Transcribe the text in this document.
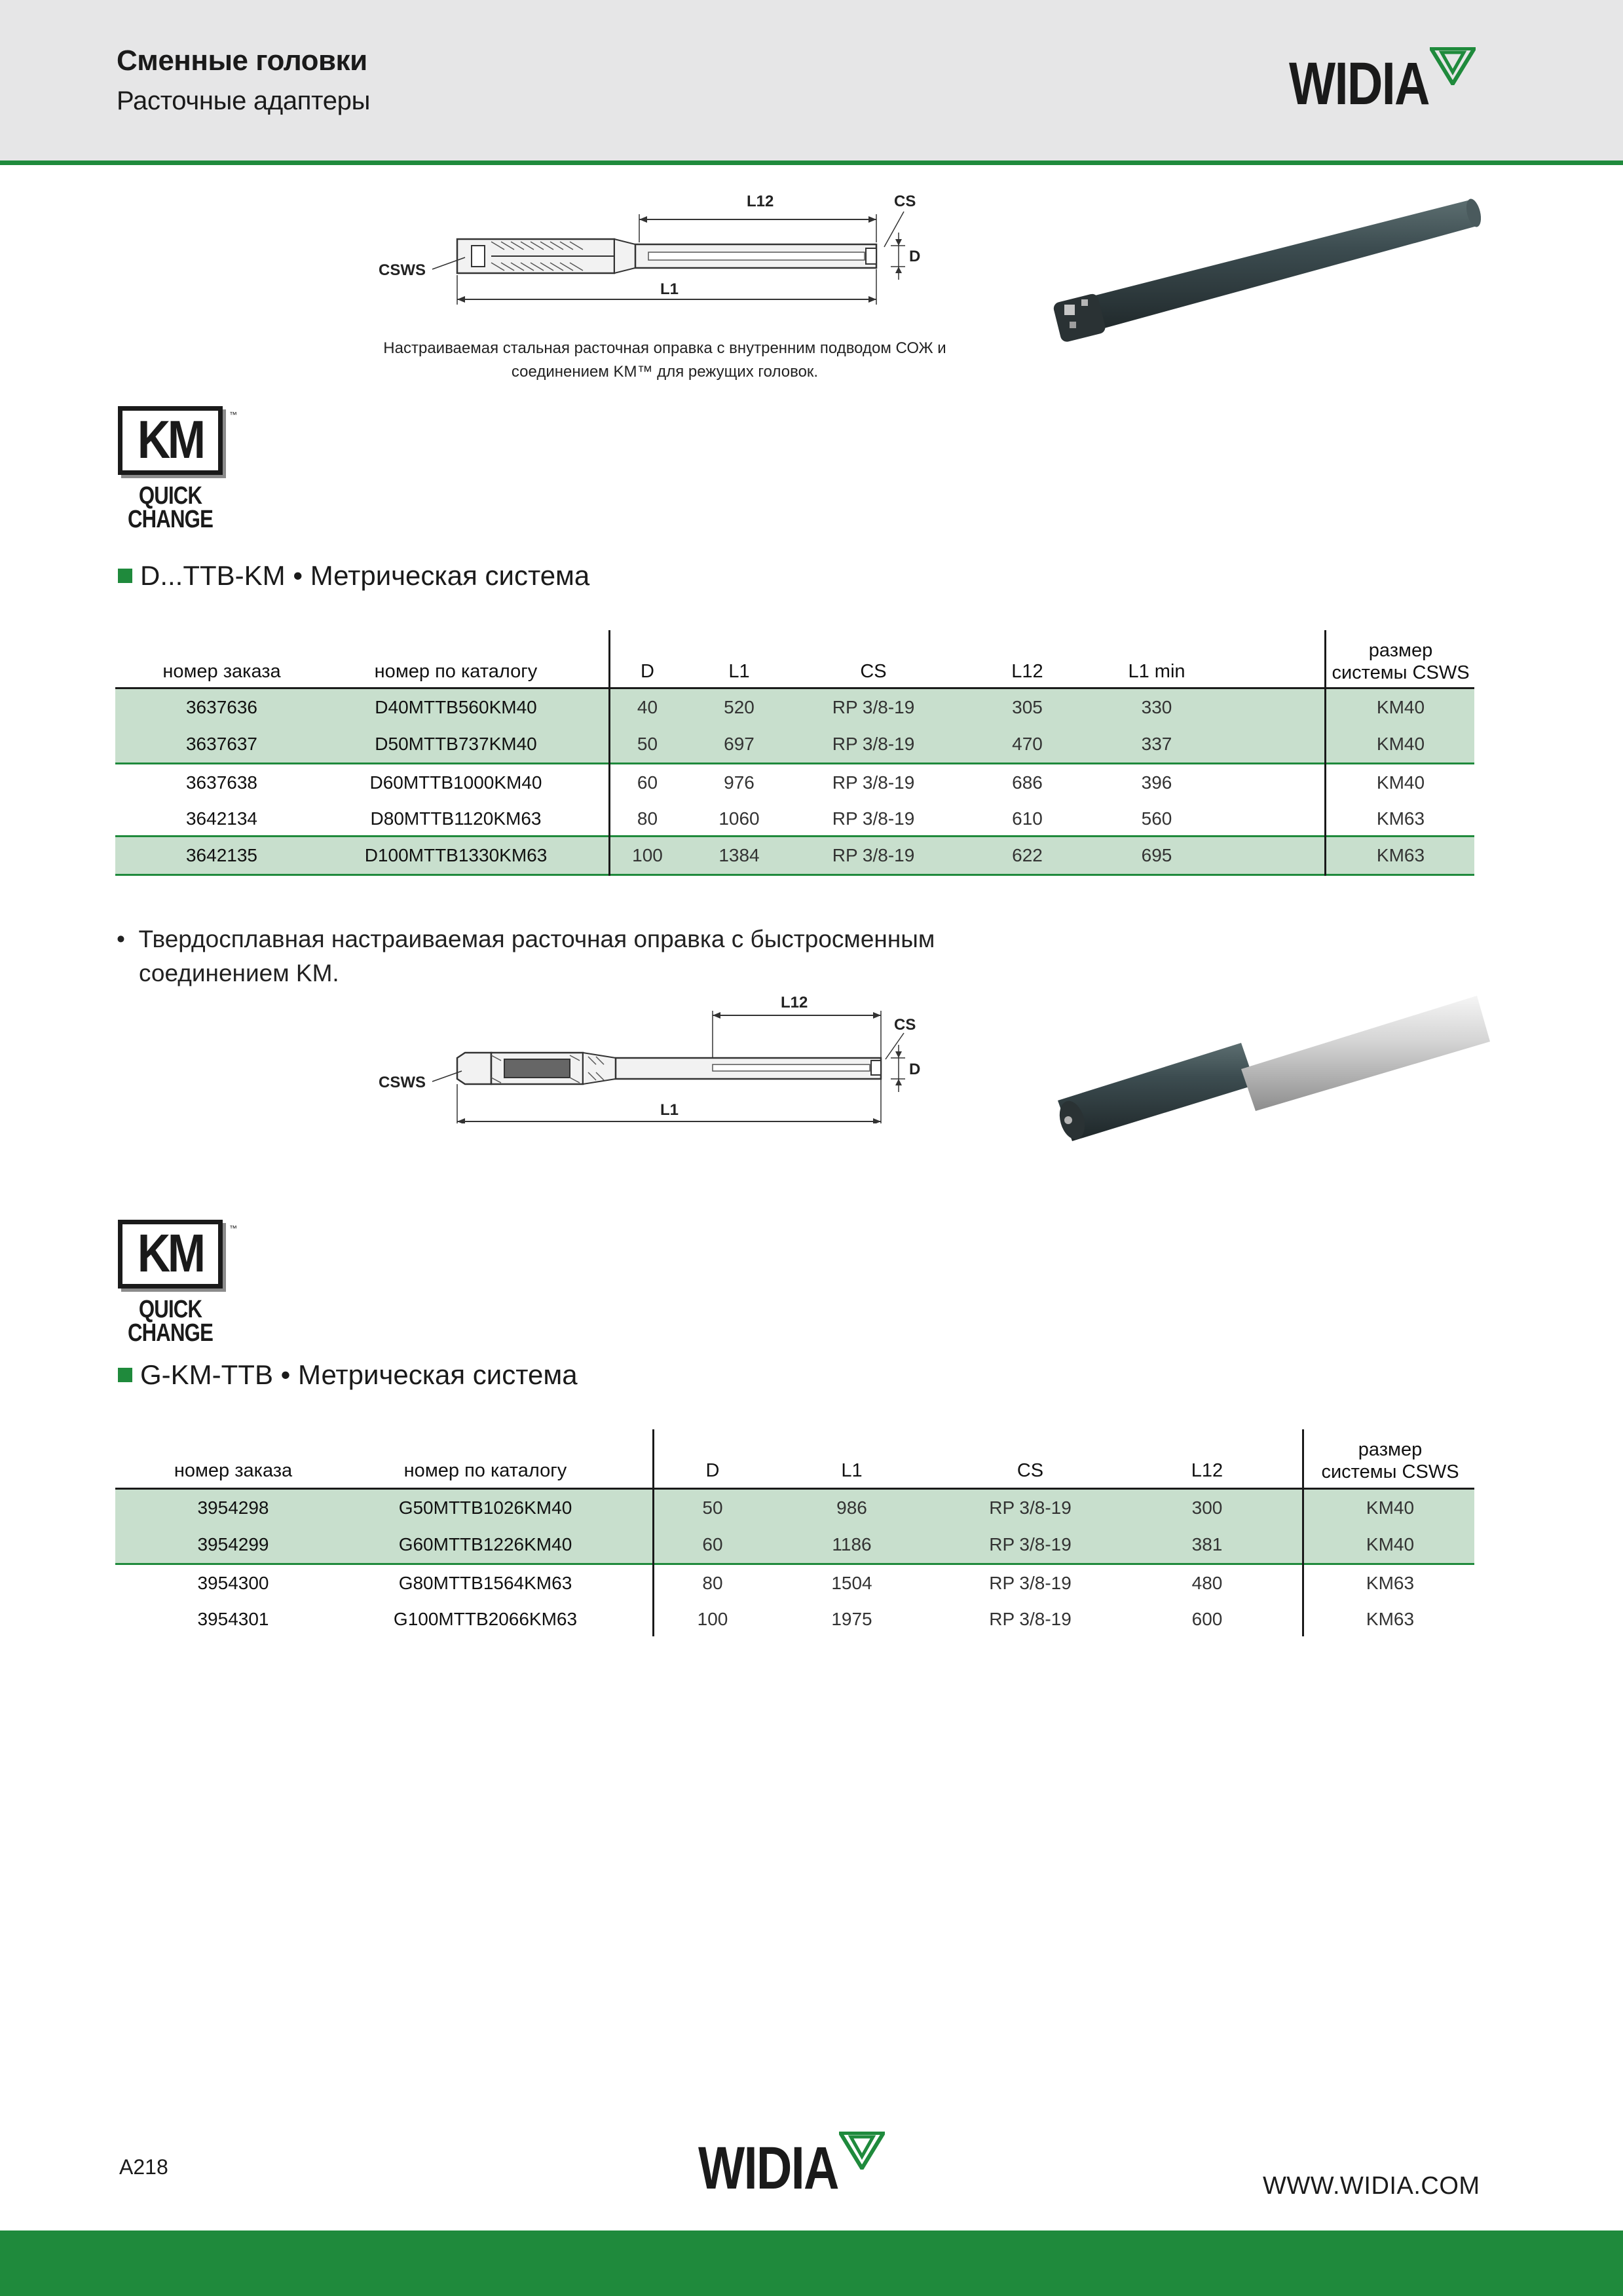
Сменные головки
Расточные адаптеры	WIDIA
L12	CS
D
CSWS
L1
Настраиваемая стальная расточная оправка с внутренним подводом СОЖ и
соединением KM™ для режущих головок.
KM	™
QUICK
CHANGE
D...TTB-KM • Метрическая система
номер заказа	номер по каталогу	D	L1	CS	L12	L1 min
размер
системы CSWS
3637636	D40MTTB560KM40	40	520	RP 3/8-19	305	330	KM40
3637637	D50MTTB737KM40	50	697	RP 3/8-19	470	337	KM40
3637638	D60MTTB1000KM40	60	976	RP 3/8-19	686	396	KM40
3642134	D80MTTB1120KM63	80	1060	RP 3/8-19	610	560	KM63
3642135	D100MTTB1330KM63	100	1384	RP 3/8-19	622	695	KM63
•  Твердосплавная настраиваемая расточная оправка с быстросменным
соединением KM.
L12
CS
D
CSWS
L1
KM	™
QUICK
CHANGE
G-KM-TTB • Метрическая система
номер заказа	номер по каталогу	D	L1	CS	L12
размер
системы CSWS
3954298	G50MTTB1026KM40	50	986	RP 3/8-19	300	KM40
3954299	G60MTTB1226KM40	60	1186	RP 3/8-19	381	KM40
3954300	G80MTTB1564KM63	80	1504	RP 3/8-19	480	KM63
3954301	G100MTTB2066KM63	100	1975	RP 3/8-19	600	KM63
A218	WIDIA	WWW.WIDIA.COM
